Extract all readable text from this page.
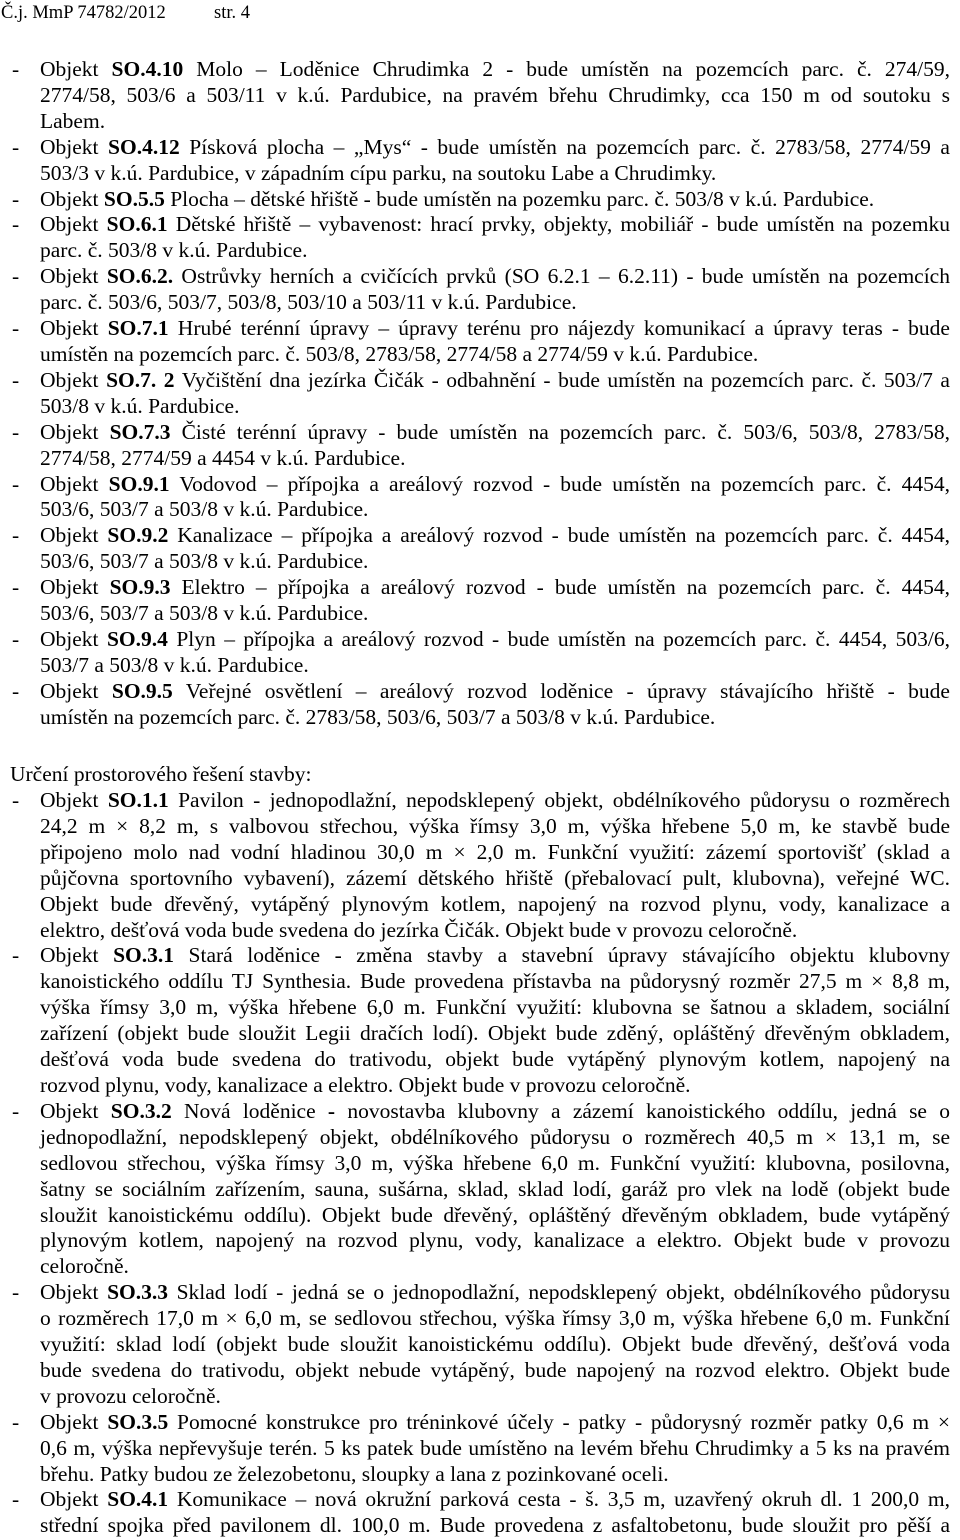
Č.j. MmP 74782/2012	str. 4
- Objekt SO.4.10 Molo – Loděnice Chrudimka 2 - bude umístěn na pozemcích parc. č. 274/59,
2774/58, 503/6 a 503/11 v k.ú. Pardubice, na pravém břehu Chrudimky, cca 150 m od soutoku s
Labem.
- Objekt SO.4.12 Písková plocha – „Mys“ - bude umístěn na pozemcích parc. č. 2783/58, 2774/59 a
503/3 v k.ú. Pardubice, v západním cípu parku, na soutoku Labe a Chrudimky.
- Objekt SO.5.5 Plocha – dětské hřiště - bude umístěn na pozemku parc. č. 503/8 v k.ú. Pardubice.
- Objekt SO.6.1 Dětské hřiště – vybavenost: hrací prvky, objekty, mobiliář - bude umístěn na pozemku
parc. č. 503/8 v k.ú. Pardubice.
- Objekt SO.6.2. Ostrůvky herních a cvičících prvků (SO 6.2.1 – 6.2.11) - bude umístěn na pozemcích
parc. č. 503/6, 503/7, 503/8, 503/10 a 503/11 v k.ú. Pardubice.
- Objekt SO.7.1 Hrubé terénní úpravy – úpravy terénu pro nájezdy komunikací a úpravy teras - bude
umístěn na pozemcích parc. č. 503/8, 2783/58, 2774/58 a 2774/59 v k.ú. Pardubice.
- Objekt SO.7. 2 Vyčištění dna jezírka Čičák - odbahnění - bude umístěn na pozemcích parc. č. 503/7 a
503/8 v k.ú. Pardubice.
- Objekt SO.7.3 Čisté terénní úpravy - bude umístěn na pozemcích parc. č. 503/6, 503/8, 2783/58,
2774/58, 2774/59 a 4454 v k.ú. Pardubice.
- Objekt SO.9.1 Vodovod – přípojka a areálový rozvod - bude umístěn na pozemcích parc. č. 4454,
503/6, 503/7 a 503/8 v k.ú. Pardubice.
- Objekt SO.9.2 Kanalizace – přípojka a areálový rozvod - bude umístěn na pozemcích parc. č. 4454,
503/6, 503/7 a 503/8 v k.ú. Pardubice.
- Objekt SO.9.3 Elektro – přípojka a areálový rozvod - bude umístěn na pozemcích parc. č. 4454,
503/6, 503/7 a 503/8 v k.ú. Pardubice.
- Objekt SO.9.4 Plyn – přípojka a areálový rozvod - bude umístěn na pozemcích parc. č. 4454, 503/6,
503/7 a 503/8 v k.ú. Pardubice.
- Objekt SO.9.5 Veřejné osvětlení – areálový rozvod loděnice - úpravy stávajícího hřiště - bude
umístěn na pozemcích parc. č. 2783/58, 503/6, 503/7 a 503/8 v k.ú. Pardubice.
Určení prostorového řešení stavby:
- Objekt SO.1.1 Pavilon - jednopodlažní, nepodsklepený objekt, obdélníkového půdorysu o rozměrech
24,2 m × 8,2 m, s valbovou střechou, výška římsy 3,0 m, výška hřebene 5,0 m, ke stavbě bude
připojeno molo nad vodní hladinou 30,0 m × 2,0 m. Funkční využití: zázemí sportovišť (sklad a
půjčovna sportovního vybavení), zázemí dětského hřiště (přebalovací pult, klubovna), veřejné WC.
Objekt bude dřevěný, vytápěný plynovým kotlem, napojený na rozvod plynu, vody, kanalizace a
elektro, dešťová voda bude svedena do jezírka Čičák. Objekt bude v provozu celoročně.
- Objekt SO.3.1 Stará loděnice - změna stavby a stavební úpravy stávajícího objektu klubovny
kanoistického oddílu TJ Synthesia. Bude provedena přístavba na půdorysný rozměr 27,5 m × 8,8 m,
výška římsy 3,0 m, výška hřebene 6,0 m. Funkční využití: klubovna se šatnou a skladem, sociální
zařízení (objekt bude sloužit Legii dračích lodí). Objekt bude zděný, opláštěný dřevěným obkladem,
dešťová voda bude svedena do trativodu, objekt bude vytápěný plynovým kotlem, napojený na
rozvod plynu, vody, kanalizace a elektro. Objekt bude v provozu celoročně.
- Objekt SO.3.2 Nová loděnice - novostavba klubovny a zázemí kanoistického oddílu, jedná se o
jednopodlažní, nepodsklepený objekt, obdélníkového půdorysu o rozměrech 40,5 m × 13,1 m, se
sedlovou střechou, výška římsy 3,0 m, výška hřebene 6,0 m. Funkční využití: klubovna, posilovna,
šatny se sociálním zařízením, sauna, sušárna, sklad, sklad lodí, garáž pro vlek na lodě (objekt bude
sloužit kanoistickému oddílu). Objekt bude dřevěný, opláštěný dřevěným obkladem, bude vytápěný
plynovým kotlem, napojený na rozvod plynu, vody, kanalizace a elektro. Objekt bude v provozu
celoročně.
- Objekt SO.3.3 Sklad lodí - jedná se o jednopodlažní, nepodsklepený objekt, obdélníkového půdorysu
o rozměrech 17,0 m × 6,0 m, se sedlovou střechou, výška římsy 3,0 m, výška hřebene 6,0 m. Funkční
využití: sklad lodí (objekt bude sloužit kanoistickému oddílu). Objekt bude dřevěný, dešťová voda
bude svedena do trativodu, objekt nebude vytápěný, bude napojený na rozvod elektro. Objekt bude
v provozu celoročně.
- Objekt SO.3.5 Pomocné konstrukce pro tréninkové účely - patky - půdorysný rozměr patky 0,6 m ×
0,6 m, výška nepřevyšuje terén. 5 ks patek bude umístěno na levém břehu Chrudimky a 5 ks na pravém
břehu. Patky budou ze železobetonu, sloupky a lana z pozinkované oceli.
- Objekt SO.4.1 Komunikace – nová okružní parková cesta - š. 3,5 m, uzavřený okruh dl. 1 200,0 m,
střední spojka před pavilonem dl. 100,0 m. Bude provedena z asfaltobetonu, bude sloužit pro pěší a
